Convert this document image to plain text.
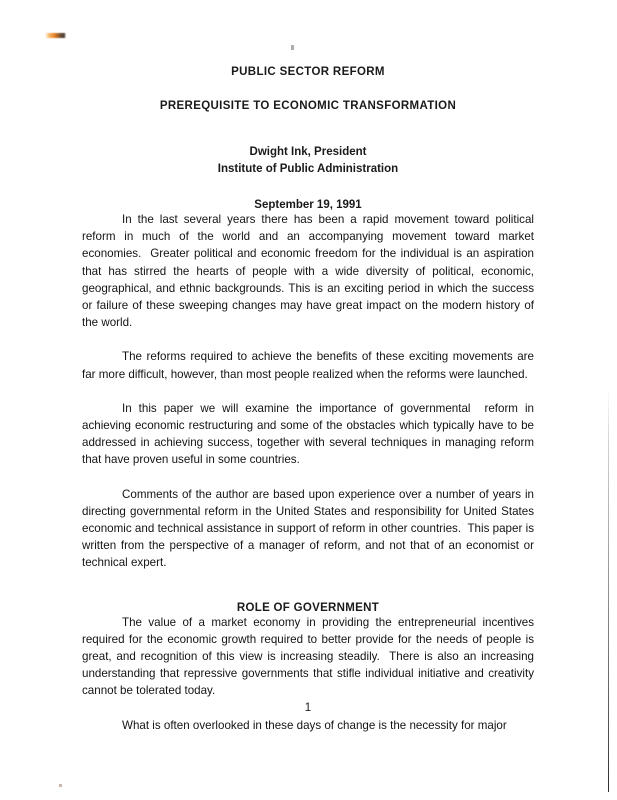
PUBLIC SECTOR REFORM
PREREQUISITE TO ECONOMIC TRANSFORMATION
Dwight Ink, President
Institute of Public Administration
September 19, 1991

In the last several years there has been a rapid movement toward political reform in much of the world and an accompanying movement toward market economies.  Greater political and economic freedom for the individual is an aspiration that has stirred the hearts of people with a wide diversity of political, economic, geographical, and ethnic backgrounds. This is an exciting period in which the success or failure of these sweeping changes may have great impact on the modern history of the world.

The reforms required to achieve the benefits of these exciting movements are far more difficult, however, than most people realized when the reforms were launched.

In this paper we will examine the importance of governmental  reform in achieving economic restructuring and some of the obstacles which typically have to be addressed in achieving success, together with several techniques in managing reform that have proven useful in some countries.

Comments of the author are based upon experience over a number of years in directing governmental reform in the United States and responsibility for United States economic and technical assistance in support of reform in other countries.  This paper is written from the perspective of a manager of reform, and not that of an economist or technical expert.

ROLE OF GOVERNMENT

The value of a market economy in providing the entrepreneurial incentives required for the economic growth required to better provide for the needs of people is great, and recognition of this view is increasing steadily.  There is also an increasing understanding that repressive governments that stifle individual initiative and creativity cannot be tolerated today.

What is often overlooked in these days of change is the necessity for major

1
